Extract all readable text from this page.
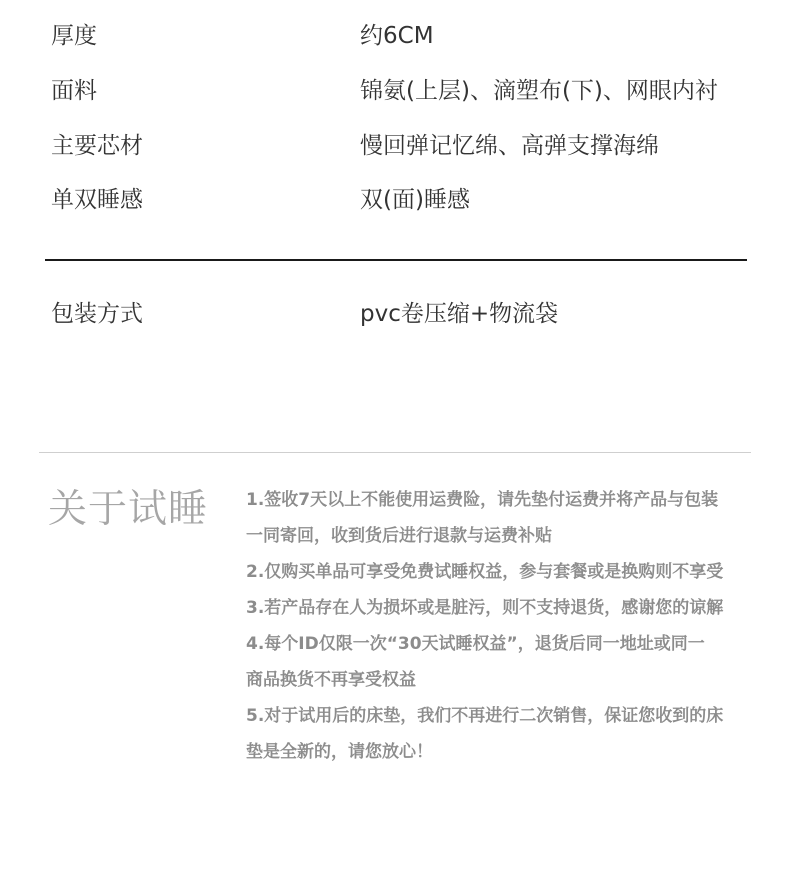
厚度	约6CM
面料	锦氨(上层)、滴塑布(下)、网眼内衬
主要芯材	慢回弹记忆绵、高弹支撑海绵
单双睡感	双(面)睡感
包装方式	pvc卷压缩+物流袋
关于试睡 1.签收7天以上不能使用运费险，请先垫付运费并将产品与包装
一同寄回，收到货后进行退款与运费补贴
2.仅购买单品可享受免费试睡权益，参与套餐或是换购则不享受
3.若产品存在人为损坏或是脏污，则不支持退货，感谢您的谅解
4.每个ID仅限一次“30天试睡权益”，退货后同一地址或同一
商品换货不再享受权益
5.对于试用后的床垫，我们不再进行二次销售，保证您收到的床
垫是全新的，请您放心！
